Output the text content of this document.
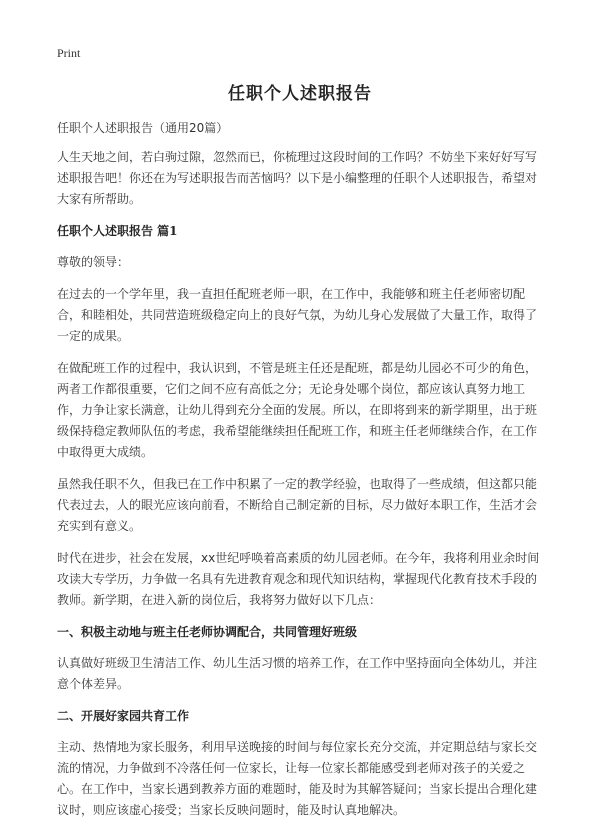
Print
任职个人述职报告

任职个人述职报告（通用20篇）

人生天地之间，若白驹过隙，忽然而已，你梳理过这段时间的工作吗？不妨坐下来好好写写述职报告吧！你还在为写述职报告而苦恼吗？以下是小编整理的任职个人述职报告，希望对大家有所帮助。

任职个人述职报告 篇1

尊敬的领导：

在过去的一个学年里，我一直担任配班老师一职，在工作中，我能够和班主任老师密切配合，和睦相处，共同营造班级稳定向上的良好气氛，为幼儿身心发展做了大量工作，取得了一定的成果。

在做配班工作的过程中，我认识到，不管是班主任还是配班，都是幼儿园必不可少的角色，两者工作都很重要，它们之间不应有高低之分；无论身处哪个岗位，都应该认真努力地工作，力争让家长满意，让幼儿得到充分全面的发展。所以，在即将到来的新学期里，出于班级保持稳定教师队伍的考虑，我希望能继续担任配班工作，和班主任老师继续合作，在工作中取得更大成绩。

虽然我任职不久，但我已在工作中积累了一定的教学经验，也取得了一些成绩，但这都只能代表过去，人的眼光应该向前看，不断给自己制定新的目标，尽力做好本职工作，生活才会充实到有意义。

时代在进步，社会在发展，xx世纪呼唤着高素质的幼儿园老师。在今年，我将利用业余时间攻读大专学历，力争做一名具有先进教育观念和现代知识结构，掌握现代化教育技术手段的教师。新学期，在进入新的岗位后，我将努力做好以下几点：

一、积极主动地与班主任老师协调配合，共同管理好班级

认真做好班级卫生清洁工作、幼儿生活习惯的培养工作，在工作中坚持面向全体幼儿，并注意个体差异。

二、开展好家园共育工作

主动、热情地为家长服务，利用早送晚接的时间与每位家长充分交流，并定期总结与家长交流的情况，力争做到不冷落任何一位家长，让每一位家长都能感受到老师对孩子的关爱之心。在工作中，当家长遇到教养方面的难题时，能及时为其解答疑问；当家长提出合理化建议时，则应该虚心接受；当家长反映问题时，能及时认真地解决。
